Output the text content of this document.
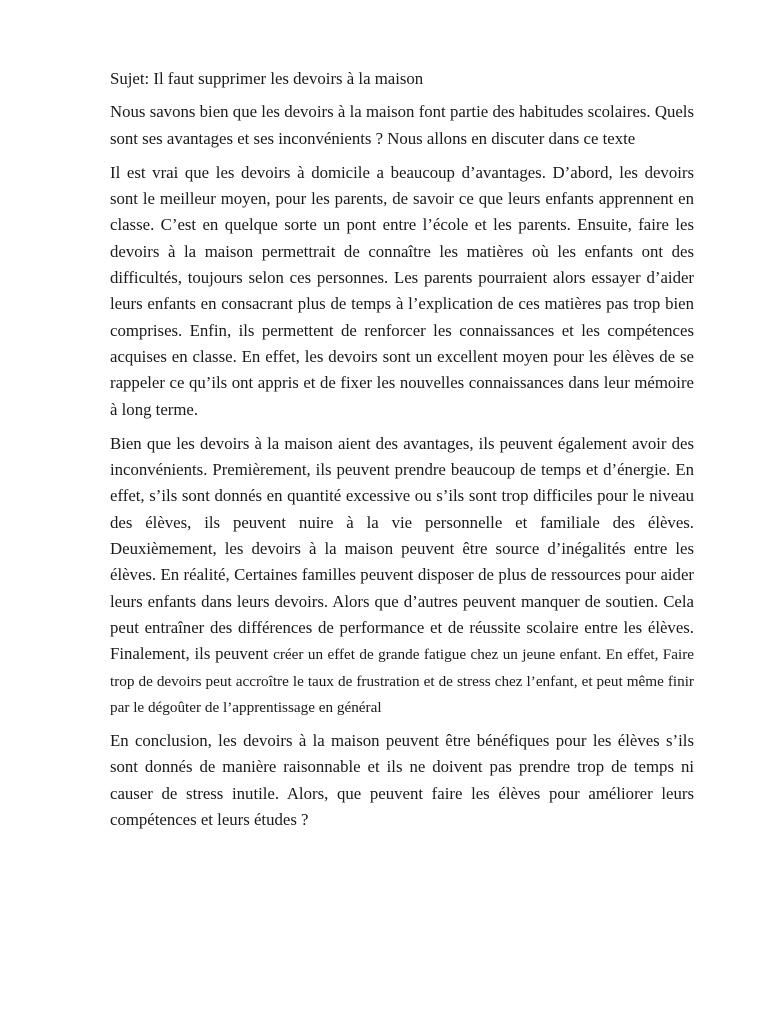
Sujet: Il faut supprimer les devoirs à la maison

Nous savons bien que les devoirs à la maison font partie des habitudes scolaires. Quels sont ses avantages et ses inconvénients ? Nous allons en discuter dans ce texte

Il est vrai que les devoirs à domicile a beaucoup d’avantages. D’abord, les devoirs sont le meilleur moyen, pour les parents, de savoir ce que leurs enfants apprennent en classe. C’est en quelque sorte un pont entre l’école et les parents. Ensuite, faire les devoirs à la maison permettrait de connaître les matières où les enfants ont des difficultés, toujours selon ces personnes. Les parents pourraient alors essayer d’aider leurs enfants en consacrant plus de temps à l’explication de ces matières pas trop bien comprises. Enfin, ils permettent de renforcer les connaissances et les compétences acquises en classe. En effet, les devoirs sont un excellent moyen pour les élèves de se rappeler ce qu’ils ont appris et de fixer les nouvelles connaissances dans leur mémoire à long terme.

Bien que les devoirs à la maison aient des avantages, ils peuvent également avoir des inconvénients. Premièrement, ils peuvent prendre beaucoup de temps et d’énergie. En effet, s’ils sont donnés en quantité excessive ou s’ils sont trop difficiles pour le niveau des élèves, ils peuvent nuire à la vie personnelle et familiale des élèves. Deuxièmement, les devoirs à la maison peuvent être source d’inégalités entre les élèves. En réalité, Certaines familles peuvent disposer de plus de ressources pour aider leurs enfants dans leurs devoirs. Alors que d’autres peuvent manquer de soutien. Cela peut entraîner des différences de performance et de réussite scolaire entre les élèves. Finalement, ils peuvent créer un effet de grande fatigue chez un jeune enfant. En effet, Faire trop de devoirs peut accroître le taux de frustration et de stress chez l’enfant, et peut même finir par le dégoûter de l’apprentissage en général

En conclusion, les devoirs à la maison peuvent être bénéfiques pour les élèves s’ils sont donnés de manière raisonnable et ils ne doivent pas prendre trop de temps ni causer de stress inutile. Alors, que peuvent faire les élèves pour améliorer leurs compétences et leurs études ?
